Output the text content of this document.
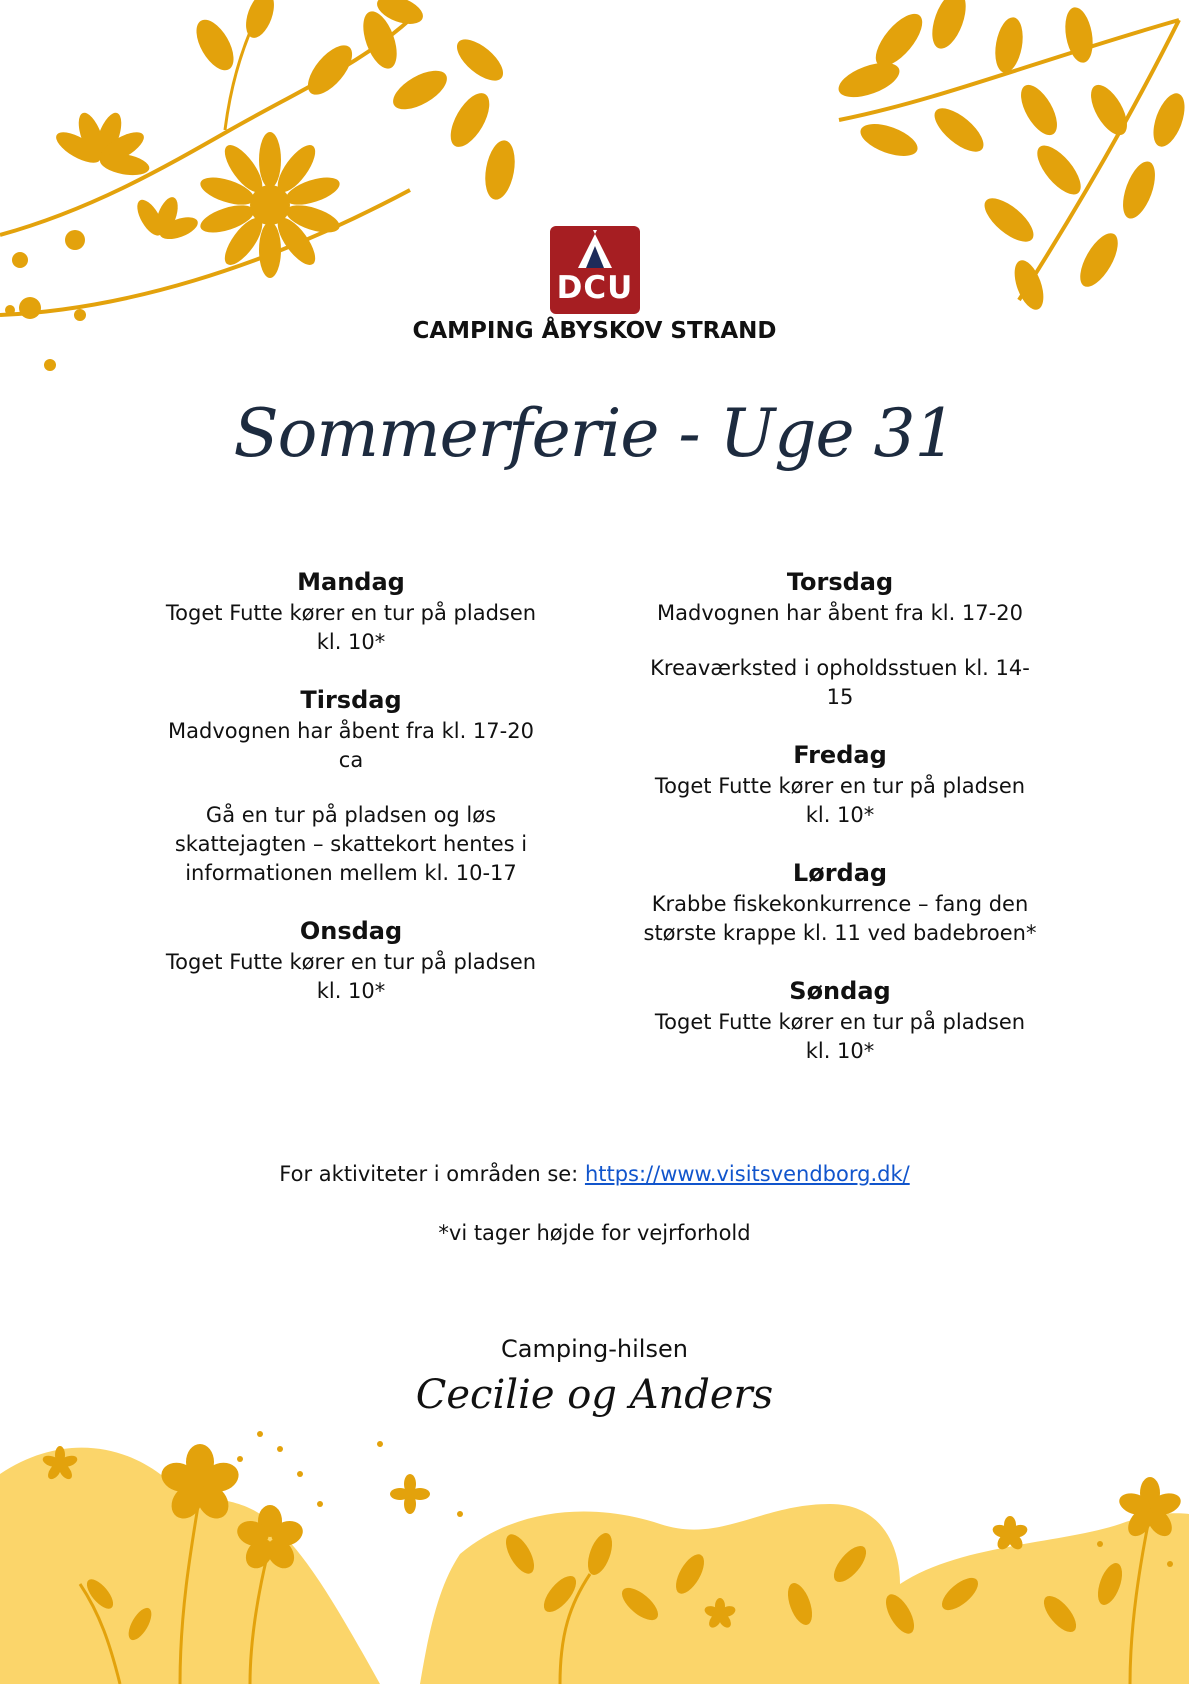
DCU
CAMPING ÅBYSKOV STRAND
Sommerferie - Uge 31
Mandag
Toget Futte kører en tur på pladsen
kl. 10*
Tirsdag
Madvognen har åbent fra kl. 17-20
ca
Gå en tur på pladsen og løs
skattejagten – skattekort hentes i
informationen mellem kl. 10-17
Onsdag
Toget Futte kører en tur på pladsen
kl. 10*
Torsdag
Madvognen har åbent fra kl. 17-20
Kreaværksted i opholdsstuen kl. 14-
15
Fredag
Toget Futte kører en tur på pladsen
kl. 10*
Lørdag
Krabbe fiskekonkurrence – fang den
største krappe kl. 11 ved badebroen*
Søndag
Toget Futte kører en tur på pladsen
kl. 10*
For aktiviteter i områden se: https://www.visitsvendborg.dk/
*vi tager højde for vejrforhold
Camping-hilsen
Cecilie og Anders
